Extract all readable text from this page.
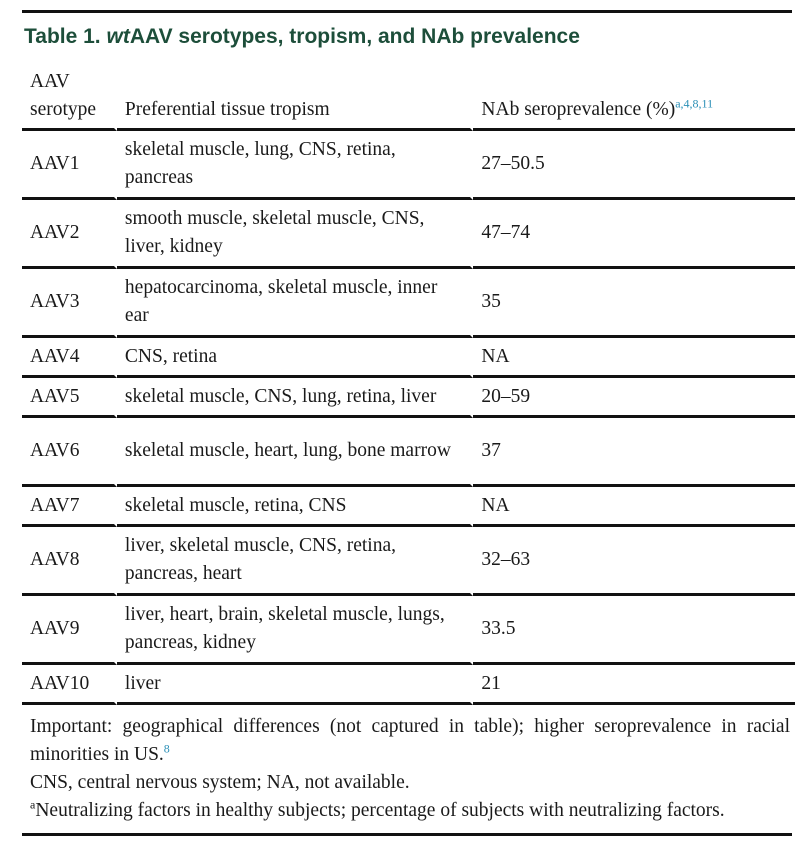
Table 1. wtAAV serotypes, tropism, and NAb prevalence
AAV
serotype	Preferential tissue tropism	NAb seroprevalence (%)$^{a,4,8,11}$
AAV1	skeletal muscle, lung, CNS, retina, pancreas	27–50.5
AAV2	smooth muscle, skeletal muscle, CNS, liver, kidney	47–74
AAV3	hepatocarcinoma, skeletal muscle, inner ear	35
AAV4	CNS, retina	NA
AAV5	skeletal muscle, CNS, lung, retina, liver	20–59
AAV6	skeletal muscle, heart, lung, bone marrow	37
AAV7	skeletal muscle, retina, CNS	NA
AAV8	liver, skeletal muscle, CNS, retina, pancreas, heart	32–63
AAV9	liver, heart, brain, skeletal muscle, lungs, pancreas, kidney	33.5
AAV10	liver	21

Important: geographical differences (not captured in table); higher seroprevalence in racial minorities in US.$^8$

CNS, central nervous system; NA, not available.

$^a$Neutralizing factors in healthy subjects; percentage of subjects with neutralizing factors.
